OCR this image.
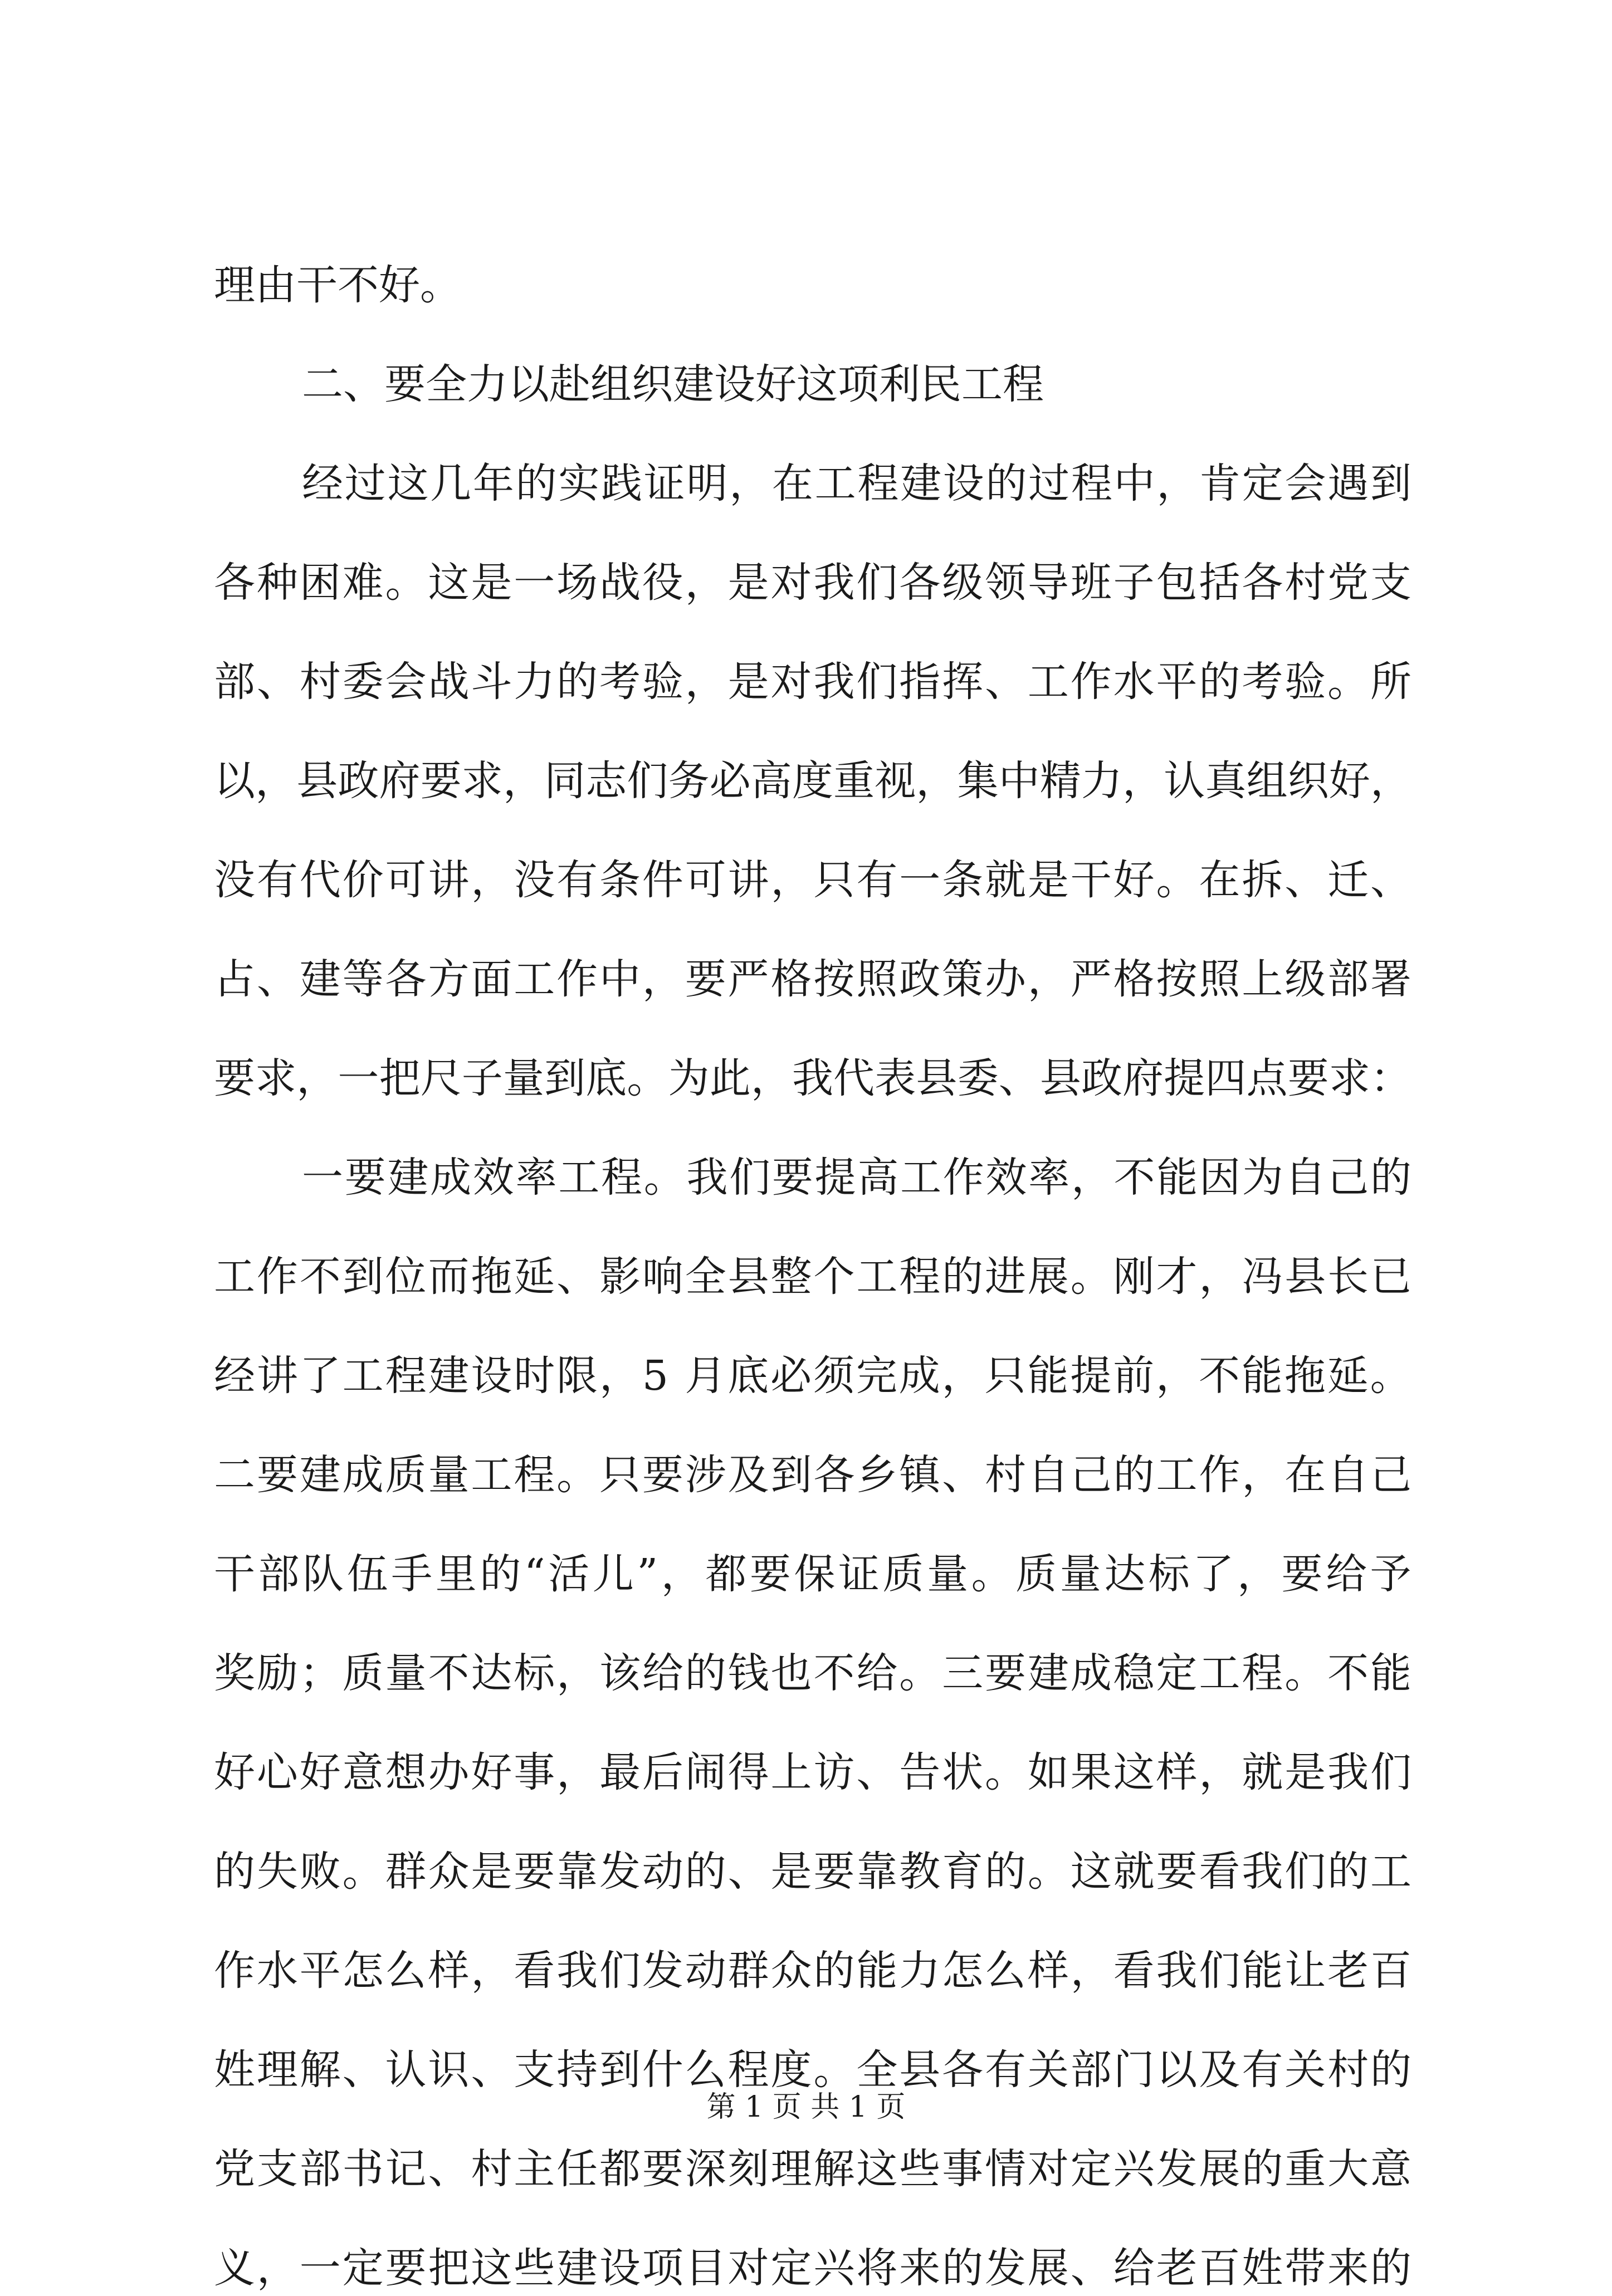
理由干不好。
二、要全力以赴组织建设好这项利民工程
经过这几年的实践证明，在工程建设的过程中，肯定会遇到
各种困难。这是一场战役，是对我们各级领导班子包括各村党支
部、村委会战斗力的考验，是对我们指挥、工作水平的考验。所
以，县政府要求，同志们务必高度重视，集中精力，认真组织好，
没有代价可讲，没有条件可讲，只有一条就是干好。在拆、迁、
占、建等各方面工作中，要严格按照政策办，严格按照上级部署
要求，一把尺子量到底。为此，我代表县委、县政府提四点要求：
一要建成效率工程。我们要提高工作效率，不能因为自己的
工作不到位而拖延、影响全县整个工程的进展。刚才，冯县长已
经讲了工程建设时限，5 月底必须完成，只能提前，不能拖延。
二要建成质量工程。只要涉及到各乡镇、村自己的工作，在自己
干部队伍手里的“活儿”，都要保证质量。质量达标了，要给予
奖励；质量不达标，该给的钱也不给。三要建成稳定工程。不能
好心好意想办好事，最后闹得上访、告状。如果这样，就是我们
的失败。群众是要靠发动的、是要靠教育的。这就要看我们的工
作水平怎么样，看我们发动群众的能力怎么样，看我们能让老百
姓理解、认识、支持到什么程度。全县各有关部门以及有关村的
党支部书记、村主任都要深刻理解这些事情对定兴发展的重大意
义，一定要把这些建设项目对定兴将来的发展、给老百姓带来的
第 1 页 共 1 页
